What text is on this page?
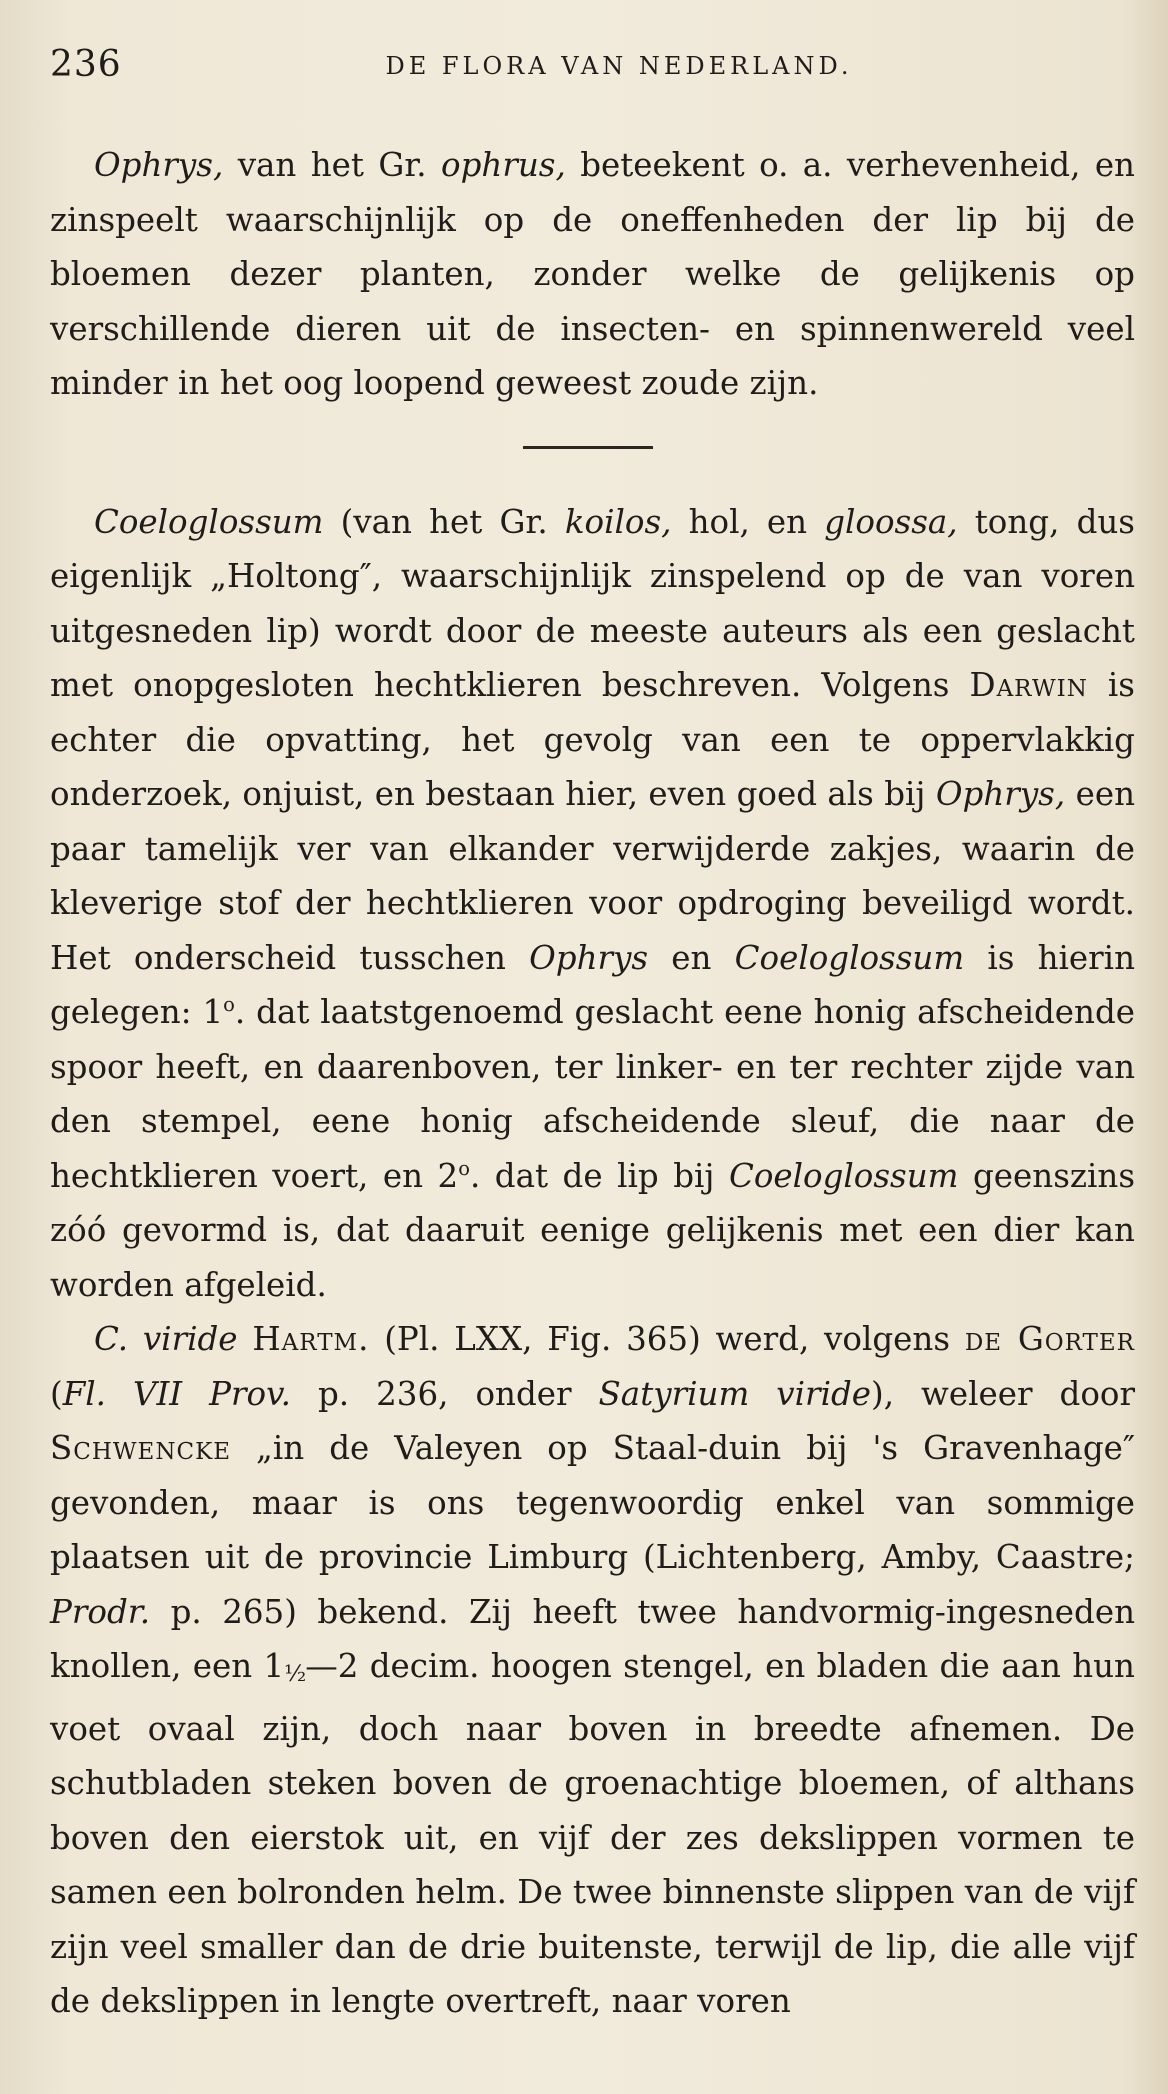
236	DE FLORA VAN NEDERLAND.

Ophrys, van het Gr. ophrus, beteekent o. a. verhevenheid, en zinspeelt waarschijnlijk op de oneffenheden der lip bij de bloemen dezer planten, zonder welke de gelijkenis op verschillende dieren uit de insecten- en spinnenwereld veel minder in het oog loopend geweest zoude zijn.

Coeloglossum (van het Gr. koilos, hol, en gloossa, tong, dus eigenlijk „Holtong″, waarschijnlijk zinspelend op de van voren uitgesneden lip) wordt door de meeste auteurs als een geslacht met onopgesloten hechtklieren beschreven. Volgens Darwin is echter die opvatting, het gevolg van een te oppervlakkig onderzoek, onjuist, en bestaan hier, even goed als bij Ophrys, een paar tamelijk ver van elkander verwijderde zakjes, waarin de kleverige stof der hechtklieren voor opdroging beveiligd wordt. Het onderscheid tusschen Ophrys en Coeloglossum is hierin gelegen: 1$^o$. dat laatstgenoemd geslacht eene honig afscheidende spoor heeft, en daarenboven, ter linker- en ter rechter zijde van den stempel, eene honig afscheidende sleuf, die naar de hechtklieren voert, en 2$^o$. dat de lip bij Coeloglossum geenszins zóó gevormd is, dat daaruit eenige gelijkenis met een dier kan worden afgeleid.

C. viride Hartm. (Pl. LXX, Fig. 365) werd, volgens de Gorter (Fl. VII Prov. p. 236, onder Satyrium viride), weleer door Schwencke „in de Valeyen op Staal-duin bij 's Gravenhage″ gevonden, maar is ons tegenwoordig enkel van sommige plaatsen uit de provincie Limburg (Lichtenberg, Amby, Caastre; Prodr. p. 265) bekend. Zij heeft twee handvormig-ingesneden knollen, een $1^{\frac{1}{2}}—2$ decim. hoogen stengel, en bladen die aan hun voet ovaal zijn, doch naar boven in breedte afnemen. De schutbladen steken boven de groenachtige bloemen, of althans boven den eierstok uit, en vijf der zes dekslippen vormen te samen een bolronden helm. De twee binnenste slippen van de vijf zijn veel smaller dan de drie buitenste, terwijl de lip, die alle vijf de dekslippen in lengte overtreft, naar voren
